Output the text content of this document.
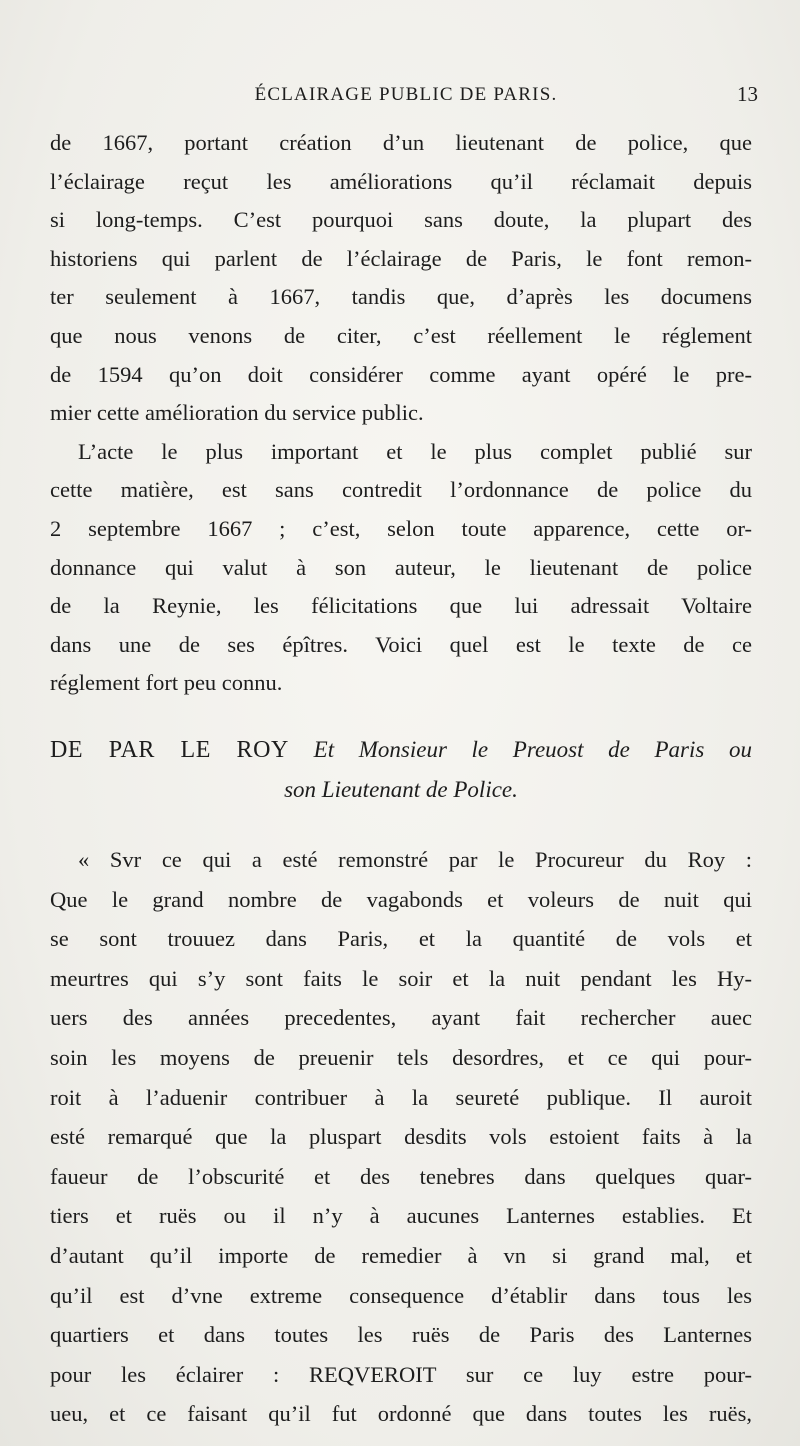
ÉCLAIRAGE PUBLIC DE PARIS.	13
de 1667, portant création d’un lieutenant de police, que
l’éclairage reçut les améliorations qu’il réclamait depuis
si long-temps. C’est pourquoi sans doute, la plupart des
historiens qui parlent de l’éclairage de Paris, le font remon-
ter seulement à 1667, tandis que, d’après les documens
que nous venons de citer, c’est réellement le réglement
de 1594 qu’on doit considérer comme ayant opéré le pre-
mier cette amélioration du service public.
L’acte le plus important et le plus complet publié sur
cette matière, est sans contredit l’ordonnance de police du
2 septembre 1667 ; c’est, selon toute apparence, cette or-
donnance qui valut à son auteur, le lieutenant de police
de la Reynie, les félicitations que lui adressait Voltaire
dans une de ses épîtres. Voici quel est le texte de ce
réglement fort peu connu.
DE PAR LE ROY Et Monsieur le Preuost de Paris ou
son Lieutenant de Police.
« Svr ce qui a esté remonstré par le Procureur du Roy :
Que le grand nombre de vagabonds et voleurs de nuit qui
se sont trouuez dans Paris, et la quantité de vols et
meurtres qui s’y sont faits le soir et la nuit pendant les Hy-
uers des années precedentes, ayant fait rechercher auec
soin les moyens de preuenir tels desordres, et ce qui pour-
roit à l’aduenir contribuer à la seureté publique. Il auroit
esté remarqué que la pluspart desdits vols estoient faits à la
faueur de l’obscurité et des tenebres dans quelques quar-
tiers et ruës ou il n’y à aucunes Lanternes establies. Et
d’autant qu’il importe de remedier à vn si grand mal, et
qu’il est d’vne extreme consequence d’établir dans tous les
quartiers et dans toutes les ruës de Paris des Lanternes
pour les éclairer : REQVEROIT sur ce luy estre pour-
ueu, et ce faisant qu’il fut ordonné que dans toutes les ruës,
